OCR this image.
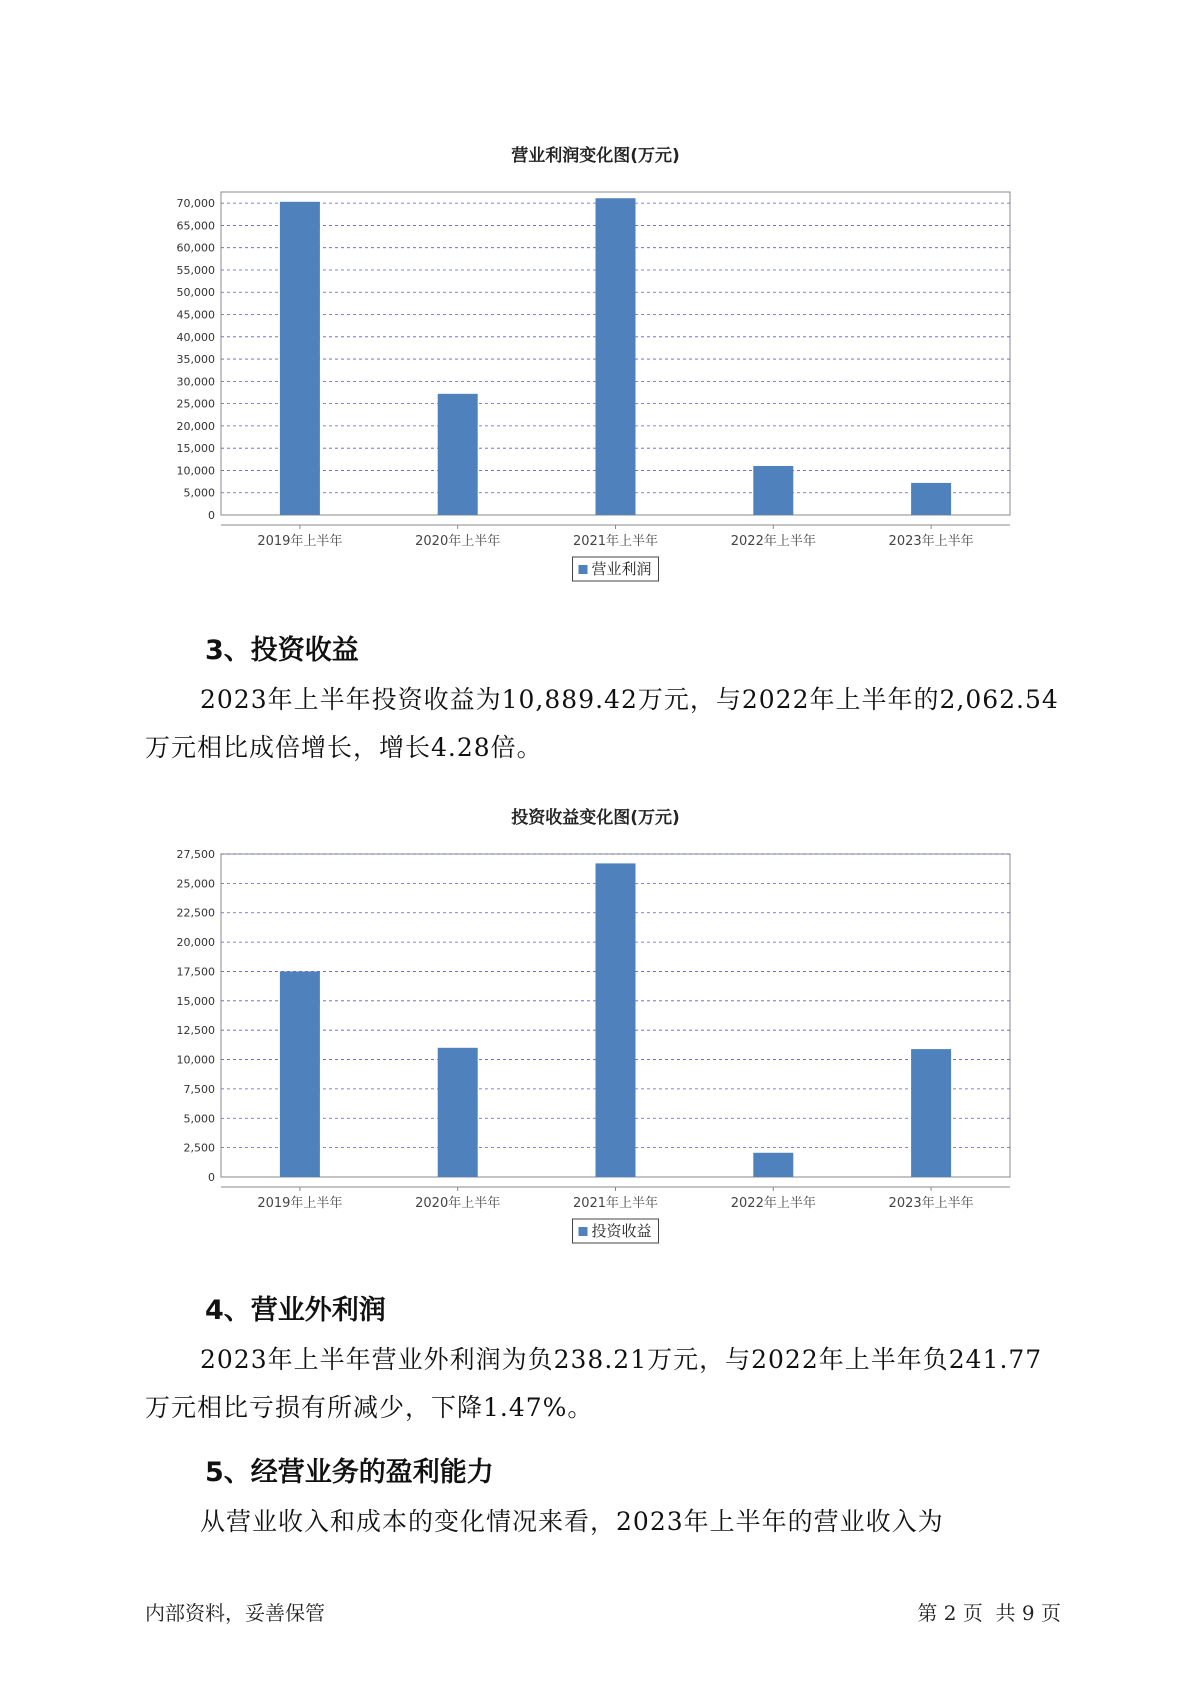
营业利润变化图(万元)
0
5,000
10,000
15,000
20,000
25,000
30,000
35,000
40,000
45,000
50,000
55,000
60,000
65,000
70,000
2019年上半年	2020年上半年	2021年上半年	2022年上半年	2023年上半年
营业利润
3、投资收益

2023年上半年投资收益为10,889.42万元，与2022年上半年的2,062.54万元相比成倍增长，增长4.28倍。

投资收益变化图(万元)
0
2,500
5,000
7,500
10,000
12,500
15,000
17,500
20,000
22,500
25,000
27,500
2019年上半年	2020年上半年	2021年上半年	2022年上半年	2023年上半年
投资收益
4、营业外利润

2023年上半年营业外利润为负238.21万元，与2022年上半年负241.77万元相比亏损有所减少，下降1.47%。

5、经营业务的盈利能力

从营业收入和成本的变化情况来看，2023年上半年的营业收入为

内部资料，妥善保管	第 2 页  共 9 页
